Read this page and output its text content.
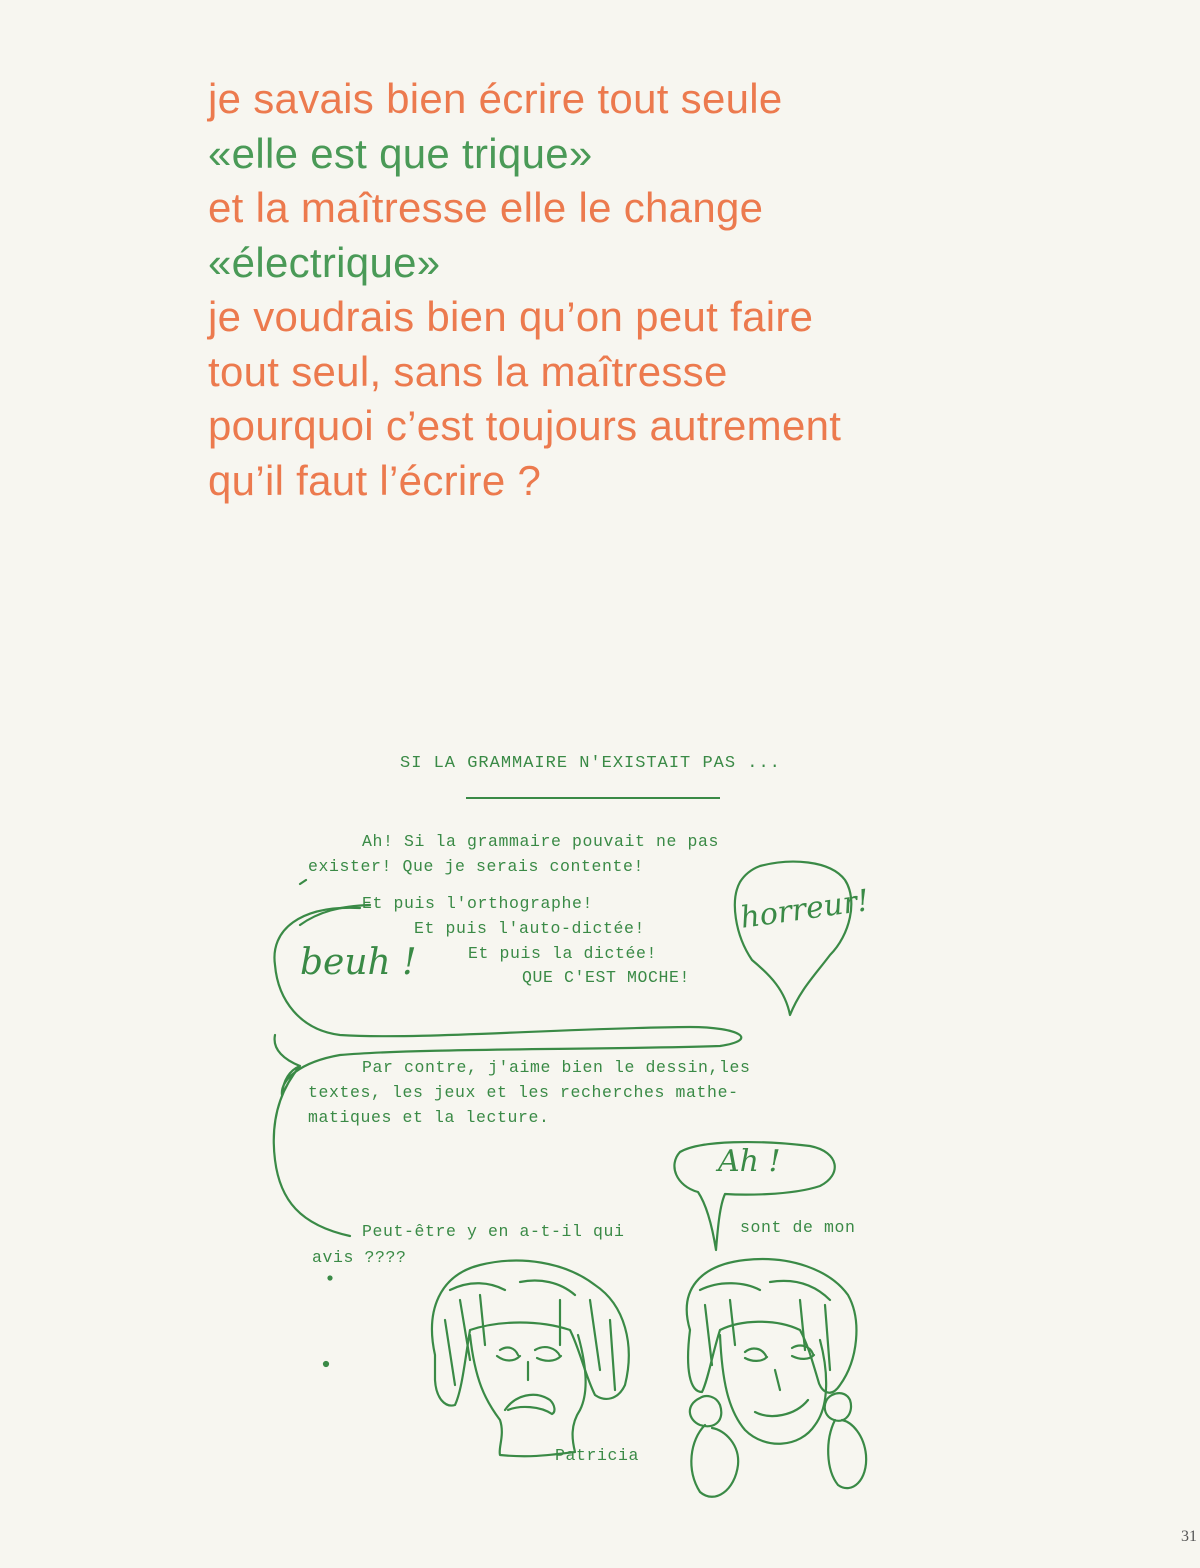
je savais bien écrire tout seule
«elle est que trique»
et la maîtresse elle le change
«électrique»
je voudrais bien qu’on peut faire
tout seul, sans la maîtresse
pourquoi c’est toujours autrement
qu’il faut l’écrire ?
SI LA GRAMMAIRE N'EXISTAIT PAS ...
Ah! Si la grammaire pouvait ne pas
exister! Que je serais contente!
Et puis l'orthographe!
Et puis l'auto-dictée!
Et puis la dictée!
QUE C'EST MOCHE!
Par contre, j'aime bien le dessin,les
textes, les jeux et les recherches mathe-
matiques et la lecture.
Peut-être y en a-t-il qui	sont de mon
avis ????
Patricia
beuh !
horreur!
Ah !
31
